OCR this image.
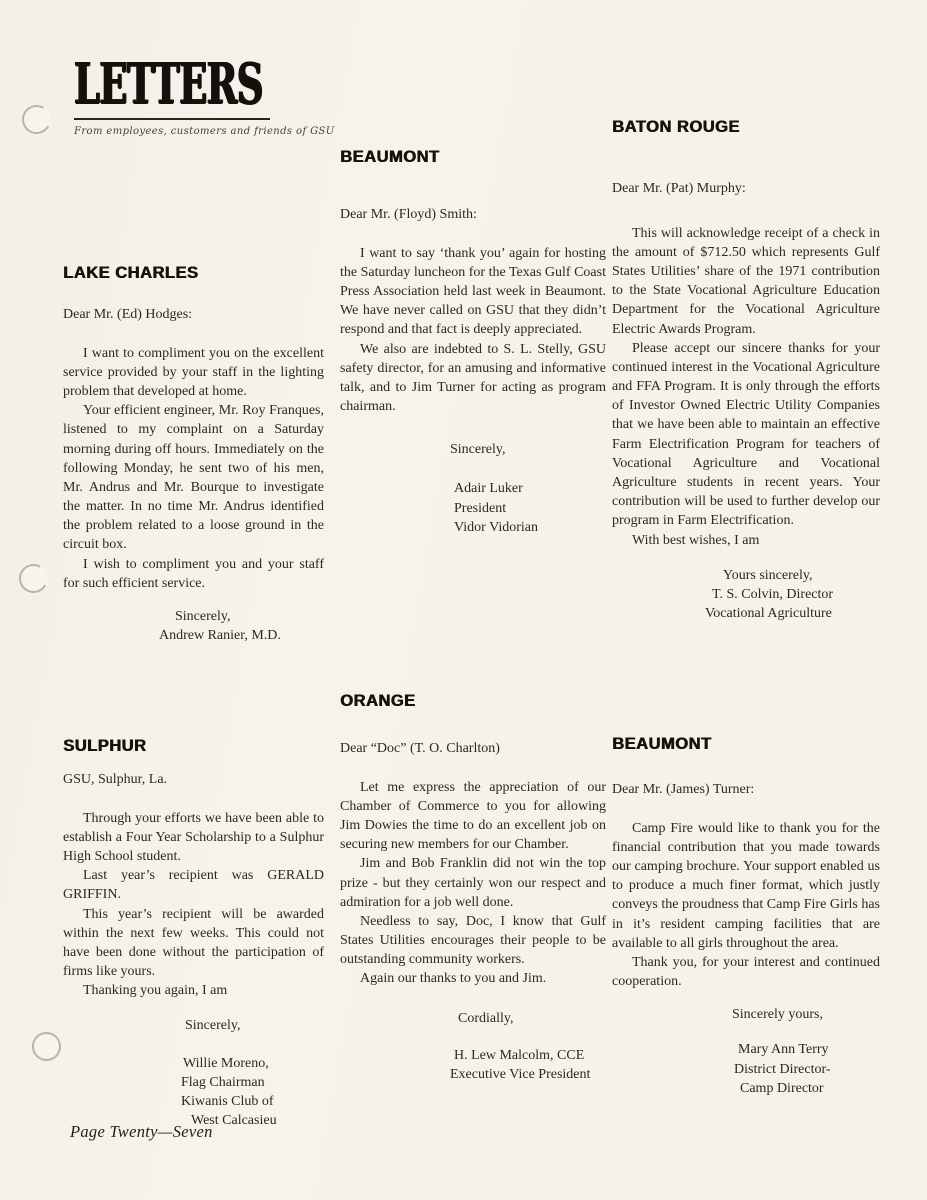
LETTERS
From employees, customers and friends of GSU
LAKE CHARLES

Dear Mr. (Ed) Hodges:

I want to compliment you on the excellent service provided by your staff in the lighting problem that developed at home.

Your efficient engineer, Mr. Roy Franques, listened to my complaint on a Saturday morning during off hours. Immediately on the following Monday, he sent two of his men, Mr. Andrus and Mr. Bourque to investigate the matter. In no time Mr. Andrus identified the problem related to a loose ground in the circuit box.

I wish to compliment you and your staff for such efficient service.

Sincerely,

Andrew Ranier, M.D.

BEAUMONT

Dear Mr. (Floyd) Smith:

I want to say ‘thank you’ again for hosting the Saturday luncheon for the Texas Gulf Coast Press Association held last week in Beaumont. We have never called on GSU that they didn’t respond and that fact is deeply appreciated.

We also are indebted to S. L. Stelly, GSU safety director, for an amusing and informative talk, and to Jim Turner for acting as program chairman.

Sincerely,

Adair Luker

President

Vidor Vidorian

BATON ROUGE

Dear Mr. (Pat) Murphy:

This will acknowledge receipt of a check in the amount of $712.50 which represents Gulf States Utilities’ share of the 1971 contribution to the State Vocational Agriculture Education Department for the Vocational Agriculture Electric Awards Program.

Please accept our sincere thanks for your continued interest in the Vocational Agriculture and FFA Program. It is only through the efforts of Investor Owned Electric Utility Companies that we have been able to maintain an effective Farm Electrification Program for teachers of Vocational Agriculture and Vocational Agriculture students in recent years. Your contribution will be used to further develop our program in Farm Electrification.

With best wishes, I am

Yours sincerely,

T. S. Colvin, Director

Vocational Agriculture

SULPHUR

GSU, Sulphur, La.

Through your efforts we have been able to establish a Four Year Scholarship to a Sulphur High School student.

Last year’s recipient was GERALD GRIFFIN.

This year’s recipient will be awarded within the next few weeks. This could not have been done without the participation of firms like yours.

Thanking you again, I am

Sincerely,

Willie Moreno,

Flag Chairman

Kiwanis Club of

West Calcasieu

ORANGE

Dear “Doc” (T. O. Charlton)

Let me express the appreciation of our Chamber of Commerce to you for allowing Jim Dowies the time to do an excellent job on securing new members for our Chamber.

Jim and Bob Franklin did not win the top prize - but they certainly won our respect and admiration for a job well done.

Needless to say, Doc, I know that Gulf States Utilities encourages their people to be outstanding community workers.

Again our thanks to you and Jim.

Cordially,

H. Lew Malcolm, CCE

Executive Vice President

BEAUMONT

Dear Mr. (James) Turner:

Camp Fire would like to thank you for the financial contribution that you made towards our camping brochure. Your support enabled us to produce a much finer format, which justly conveys the proudness that Camp Fire Girls has in it’s resident camping facilities that are available to all girls throughout the area.

Thank you, for your interest and continued cooperation.

Sincerely yours,

Mary Ann Terry

District Director-

Camp Director

Page Twenty—Seven
